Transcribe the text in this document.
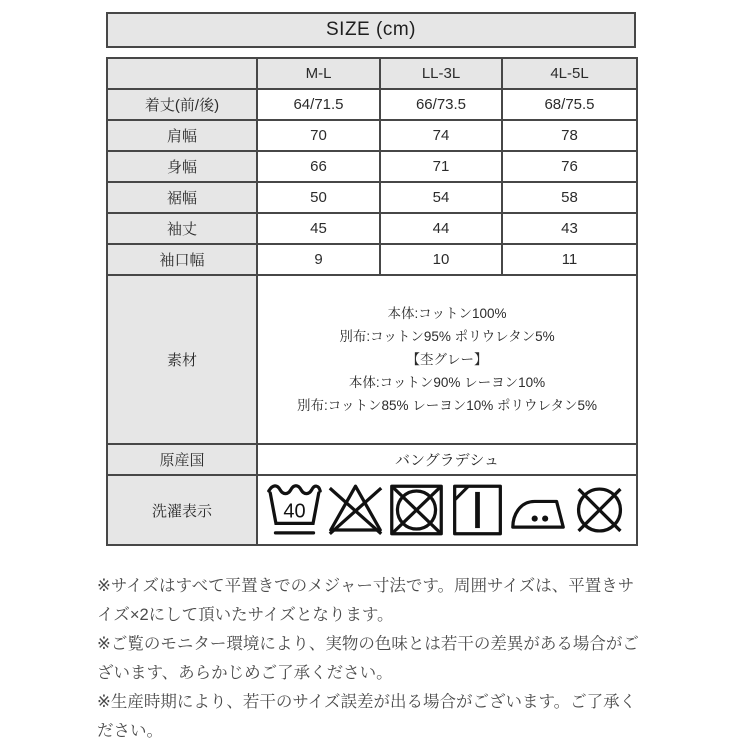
SIZE (cm)
	M-L	LL-3L	4L-5L
着丈(前/後)	64/71.5	66/73.5	68/75.5
肩幅	70	74	78
身幅	66	71	76
裾幅	50	54	58
袖丈	45	44	43
袖口幅	9	10	11
素材	本体:コットン100%
別布:コットン95% ポリウレタン5%
【杢グレー】
本体:コットン90% レーヨン10%
別布:コットン85% レーヨン10% ポリウレタン5%		

原産国	バングラデシュ		
洗濯表示	40		

※サイズはすべて平置きでのメジャー寸法です。周囲サイズは、平置きサイズ×2にして頂いたサイズとなります。

※ご覧のモニター環境により、実物の色味とは若干の差異がある場合がございます、あらかじめご了承ください。

※生産時期により、若干のサイズ誤差が出る場合がございます。ご了承ください。
